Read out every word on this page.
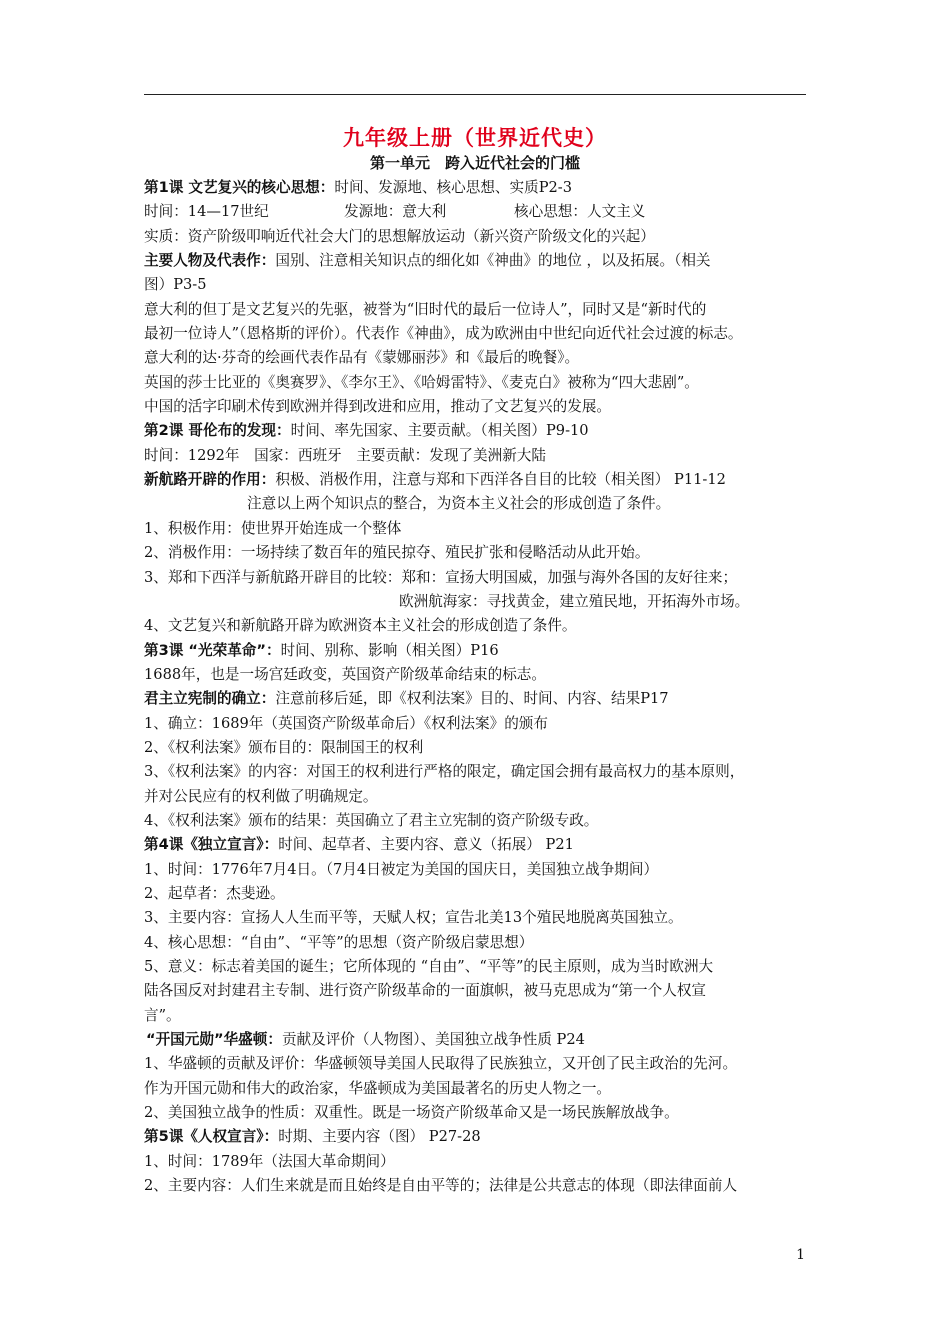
九年级上册（世界近代史）
第一单元　跨入近代社会的门槛
第1课 文艺复兴的核心思想：时间、发源地、核心思想、实质P2-3
时间：14—17世纪	发源地：意大利	核心思想：人文主义
实质：资产阶级叩响近代社会大门的思想解放运动（新兴资产阶级文化的兴起）
主要人物及代表作：国别、注意相关知识点的细化如《神曲》的地位 ，以及拓展。（相关
图）P3-5
意大利的但丁是文艺复兴的先驱，被誉为“旧时代的最后一位诗人”，同时又是“新时代的
最初一位诗人”（恩格斯的评价）。代表作《神曲》，成为欧洲由中世纪向近代社会过渡的标志。
意大利的达·芬奇的绘画代表作品有《蒙娜丽莎》和《最后的晚餐》。
英国的莎士比亚的《奥赛罗》、《李尔王》、《哈姆雷特》、《麦克白》被称为“四大悲剧”。
中国的活字印刷术传到欧洲并得到改进和应用，推动了文艺复兴的发展。
第2课 哥伦布的发现：时间、率先国家、主要贡献。（相关图）P9-10
时间：1292年　国家：西班牙　主要贡献：发现了美洲新大陆
新航路开辟的作用：积极、消极作用，注意与郑和下西洋各自目的比较（相关图） P11-12
注意以上两个知识点的整合，为资本主义社会的形成创造了条件。
1、积极作用：使世界开始连成一个整体
2、消极作用：一场持续了数百年的殖民掠夺、殖民扩张和侵略活动从此开始。
3、郑和下西洋与新航路开辟目的比较：郑和：宣扬大明国威，加强与海外各国的友好往来；
欧洲航海家：寻找黄金，建立殖民地，开拓海外市场。
4、文艺复兴和新航路开辟为欧洲资本主义社会的形成创造了条件。
第3课 “光荣革命”：时间、别称、影响（相关图）P16
1688年，也是一场宫廷政变，英国资产阶级革命结束的标志。
君主立宪制的确立：注意前移后延，即《权利法案》目的、时间、内容、结果P17
1、确立：1689年（英国资产阶级革命后）《权利法案》的颁布
2、《权利法案》颁布目的：限制国王的权利
3、《权利法案》的内容：对国王的权利进行严格的限定，确定国会拥有最高权力的基本原则，
并对公民应有的权利做了明确规定。
4、《权利法案》颁布的结果：英国确立了君主立宪制的资产阶级专政。
第4课《独立宣言》：时间、起草者、主要内容、意义（拓展） P21
1、时间：1776年7月4日。（7月4日被定为美国的国庆日，美国独立战争期间）
2、起草者：杰斐逊。
3、主要内容：宣扬人人生而平等，天赋人权；宣告北美13个殖民地脱离英国独立。
4、核心思想：“自由”、“平等”的思想（资产阶级启蒙思想）
5、意义：标志着美国的诞生；它所体现的 “自由”、“平等”的民主原则，成为当时欧洲大
陆各国反对封建君主专制、进行资产阶级革命的一面旗帜，被马克思成为“第一个人权宣
言”。
“开国元勋”华盛顿：贡献及评价（人物图）、美国独立战争性质 P24
1、华盛顿的贡献及评价：华盛顿领导美国人民取得了民族独立，又开创了民主政治的先河。
作为开国元勋和伟大的政治家，华盛顿成为美国最著名的历史人物之一。
2、美国独立战争的性质：双重性。既是一场资产阶级革命又是一场民族解放战争。
第5课《人权宣言》：时期、主要内容（图） P27-28
1、时间：1789年（法国大革命期间）
2、主要内容：人们生来就是而且始终是自由平等的；法律是公共意志的体现（即法律面前人
1
